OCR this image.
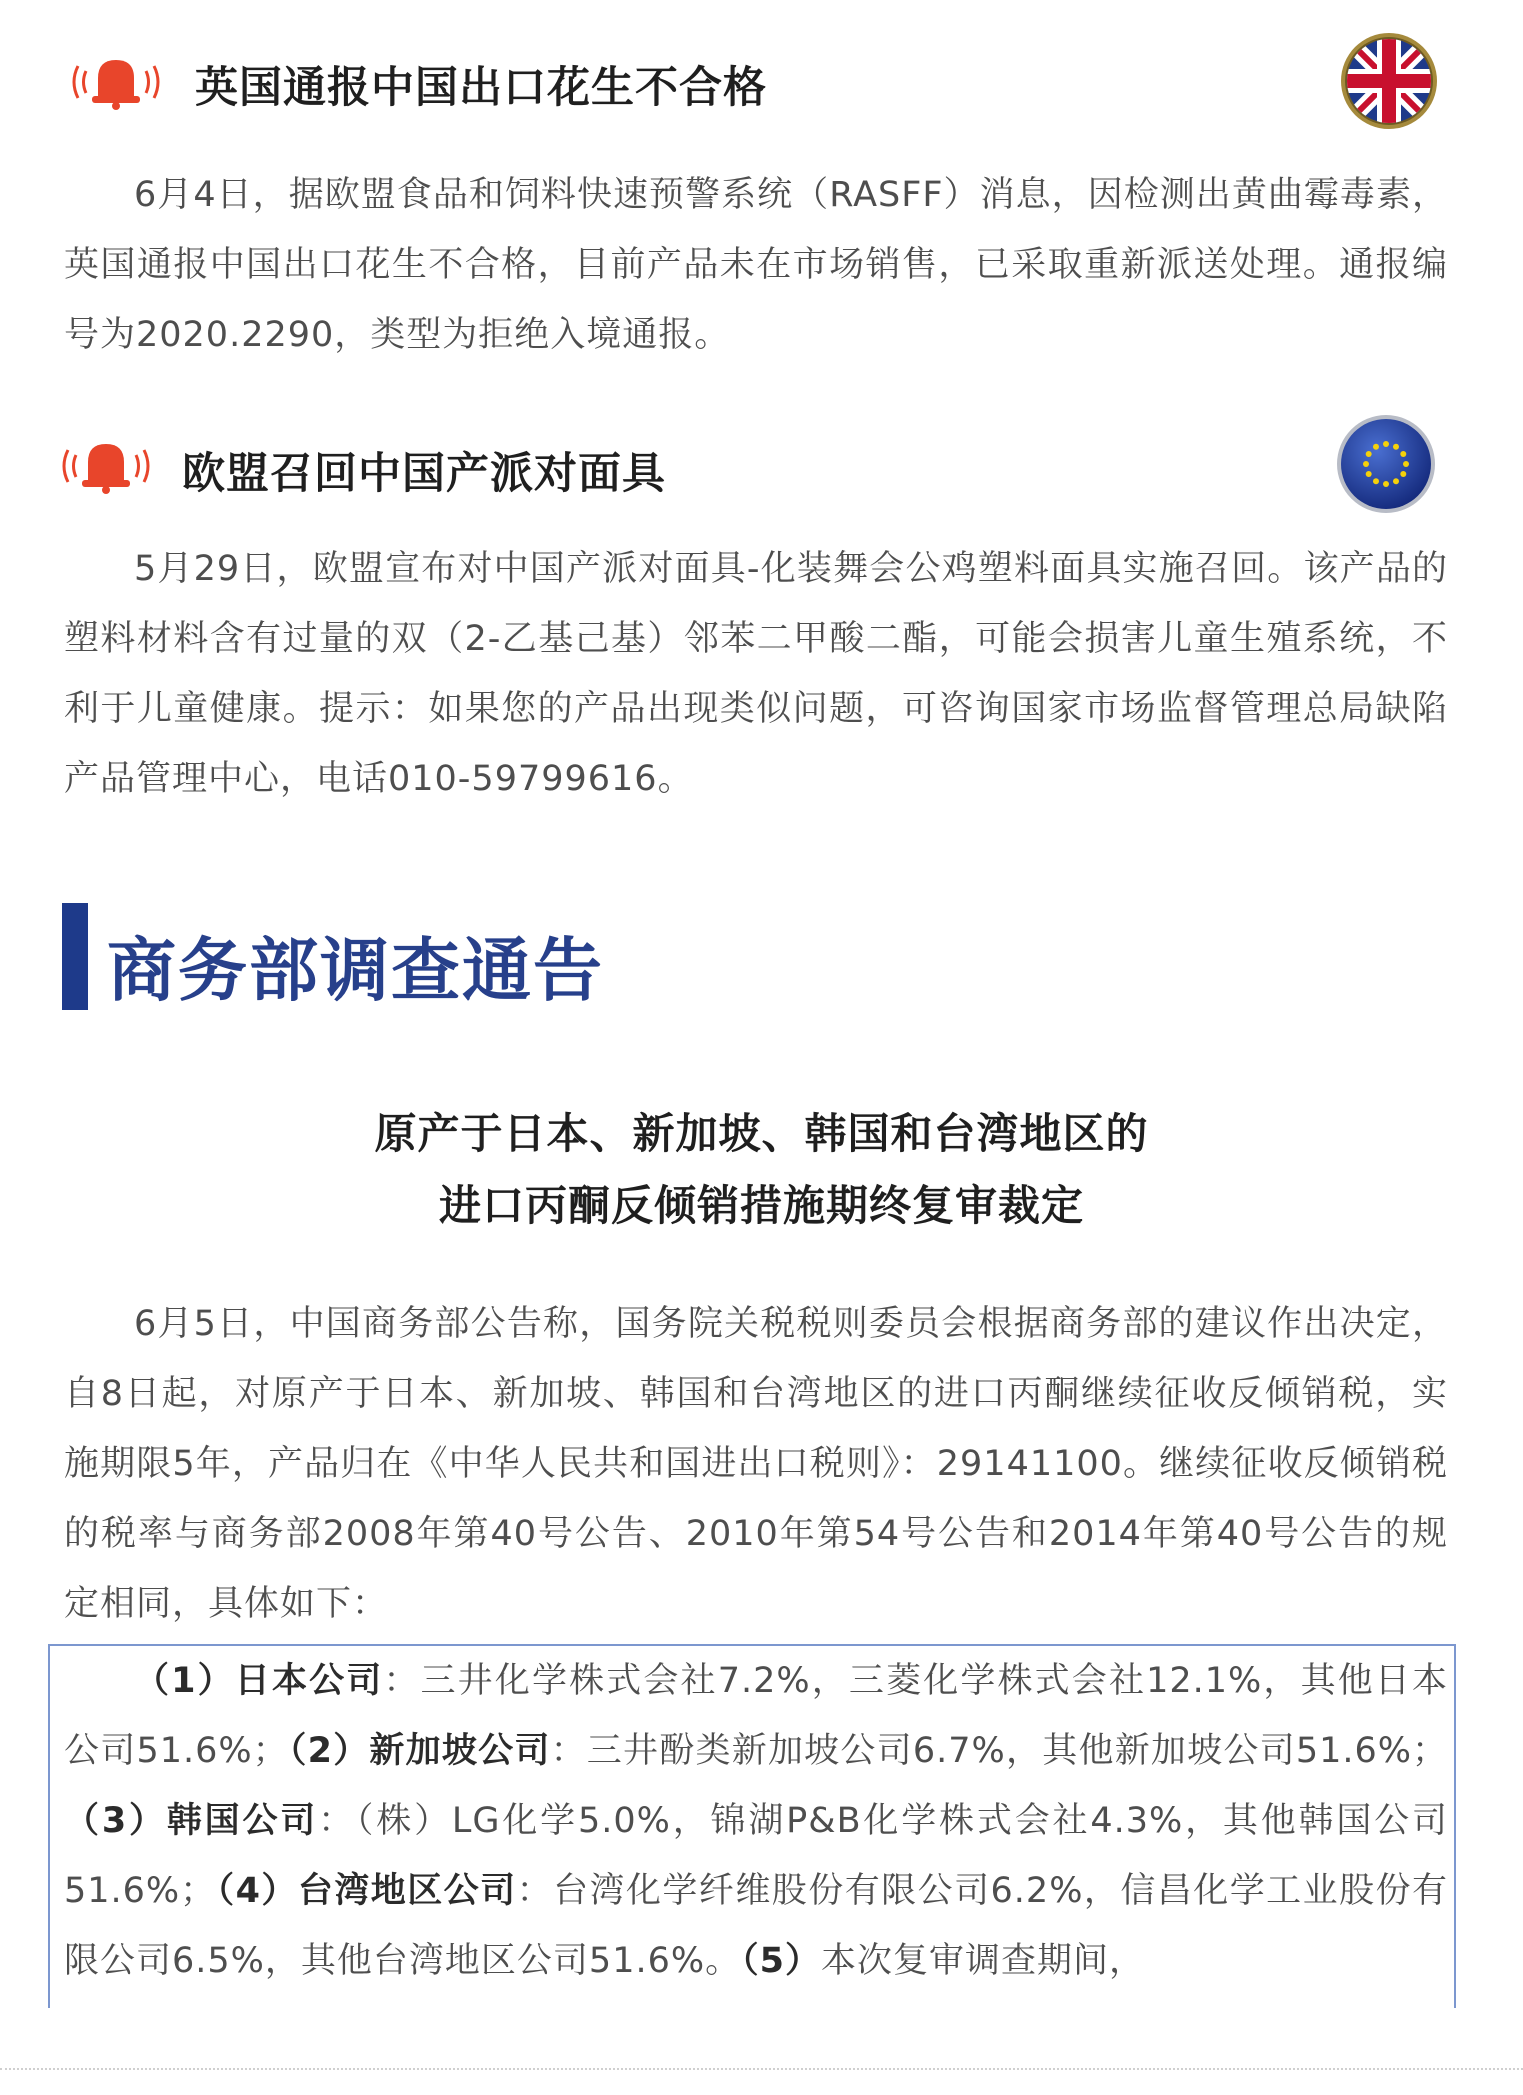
英国通报中国出口花生不合格

6月4日，据欧盟食品和饲料快速预警系统（RASFF）消息，因检测出黄曲霉毒素，英国通报中国出口花生不合格，目前产品未在市场销售，已采取重新派送处理。通报编号为2020.2290，类型为拒绝入境通报。

欧盟召回中国产派对面具

5月29日，欧盟宣布对中国产派对面具-化装舞会公鸡塑料面具实施召回。该产品的塑料材料含有过量的双（2-乙基己基）邻苯二甲酸二酯，可能会损害儿童生殖系统，不利于儿童健康。提示：如果您的产品出现类似问题，可咨询国家市场监督管理总局缺陷产品管理中心，电话010-59799616。

商务部调查通告
原产于日本、新加坡、韩国和台湾地区的
进口丙酮反倾销措施期终复审裁定

6月5日，中国商务部公告称，国务院关税税则委员会根据商务部的建议作出决定，自8日起，对原产于日本、新加坡、韩国和台湾地区的进口丙酮继续征收反倾销税，实施期限5年，产品归在《中华人民共和国进出口税则》：29141100。继续征收反倾销税的税率与商务部2008年第40号公告、2010年第54号公告和2014年第40号公告的规定相同，具体如下：

（1）日本公司：三井化学株式会社7.2%，三菱化学株式会社12.1%，其他日本公司51.6%；（2）新加坡公司：三井酚类新加坡公司6.7%，其他新加坡公司51.6%；（3）韩国公司：（株）LG化学5.0%，锦湖P&B化学株式会社4.3%，其他韩国公司51.6%；（4）台湾地区公司：台湾化学纤维股份有限公司6.2%，信昌化学工业股份有限公司6.5%，其他台湾地区公司51.6%。（5）本次复审调查期间，
